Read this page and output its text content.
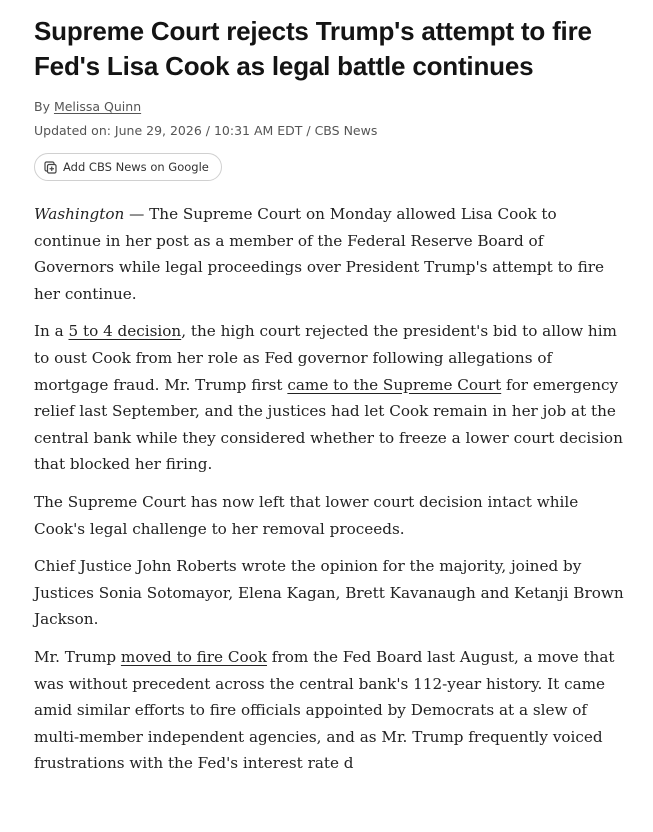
Supreme Court rejects Trump's attempt to fire Fed's Lisa Cook as legal battle continues
By Melissa Quinn
Updated on: June 29, 2026 / 10:31 AM EDT / CBS News
Add CBS News on Google

Washington — The Supreme Court on Monday allowed Lisa Cook to continue in her post as a member of the Federal Reserve Board of Governors while legal proceedings over President Trump's attempt to fire her continue.

In a 5 to 4 decision, the high court rejected the president's bid to allow him to oust Cook from her role as Fed governor following allegations of mortgage fraud. Mr. Trump first came to the Supreme Court for emergency relief last September, and the justices had let Cook remain in her job at the central bank while they considered whether to freeze a lower court decision that blocked her firing.

The Supreme Court has now left that lower court decision intact while Cook's legal challenge to her removal proceeds.

Chief Justice John Roberts wrote the opinion for the majority, joined by Justices Sonia Sotomayor, Elena Kagan, Brett Kavanaugh and Ketanji Brown Jackson.

Mr. Trump moved to fire Cook from the Fed Board last August, a move that was without precedent across the central bank's 112-year history. It came amid similar efforts to fire officials appointed by Democrats at a slew of multi-member independent agencies, and as Mr. Trump frequently voiced frustrations with the Fed's interest rate d
